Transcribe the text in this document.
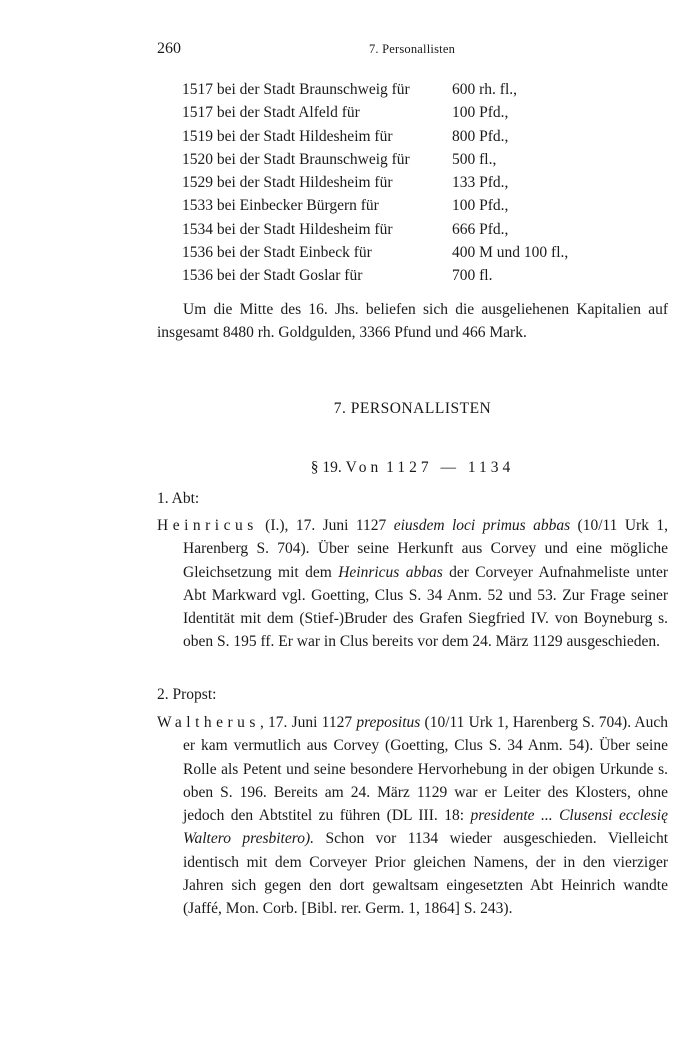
260	7. Personallisten
1517 bei der Stadt Braunschweig für	600 rh. fl.,
1517 bei der Stadt Alfeld für	100 Pfd.,
1519 bei der Stadt Hildesheim für	800 Pfd.,
1520 bei der Stadt Braunschweig für	500 fl.,
1529 bei der Stadt Hildesheim für	133 Pfd.,
1533 bei Einbecker Bürgern für	100 Pfd.,
1534 bei der Stadt Hildesheim für	666 Pfd.,
1536 bei der Stadt Einbeck für	400 M und 100 fl.,
1536 bei der Stadt Goslar für	700 fl.

Um die Mitte des 16. Jhs. beliefen sich die ausgeliehenen Kapitalien auf insgesamt 8480 rh. Goldgulden, 3366 Pfund und 466 Mark.

7. PERSONALLISTEN
§ 19. Von 1127 — 1134
1. Abt:

Heinricus (I.), 17. Juni 1127 eiusdem loci primus abbas (10/11 Urk 1, Harenberg S. 704). Über seine Herkunft aus Corvey und eine mögliche Gleichsetzung mit dem Heinricus abbas der Corveyer Aufnahmeliste unter Abt Markward vgl. Goetting, Clus S. 34 Anm. 52 und 53. Zur Frage seiner Identität mit dem (Stief-)Bruder des Grafen Siegfried IV. von Boyneburg s. oben S. 195 ff. Er war in Clus bereits vor dem 24. März 1129 ausgeschieden.

2. Propst:

Waltherus, 17. Juni 1127 prepositus (10/11 Urk 1, Harenberg S. 704). Auch er kam vermutlich aus Corvey (Goetting, Clus S. 34 Anm. 54). Über seine Rolle als Petent und seine besondere Hervorhebung in der obigen Urkunde s. oben S. 196. Bereits am 24. März 1129 war er Leiter des Klosters, ohne jedoch den Abtstitel zu führen (DL III. 18: presidente ... Clusensi ecclesię Waltero presbitero). Schon vor 1134 wieder ausgeschieden. Vielleicht identisch mit dem Corveyer Prior gleichen Namens, der in den vierziger Jahren sich gegen den dort gewaltsam eingesetzten Abt Heinrich wandte (Jaffé, Mon. Corb. [Bibl. rer. Germ. 1, 1864] S. 243).
